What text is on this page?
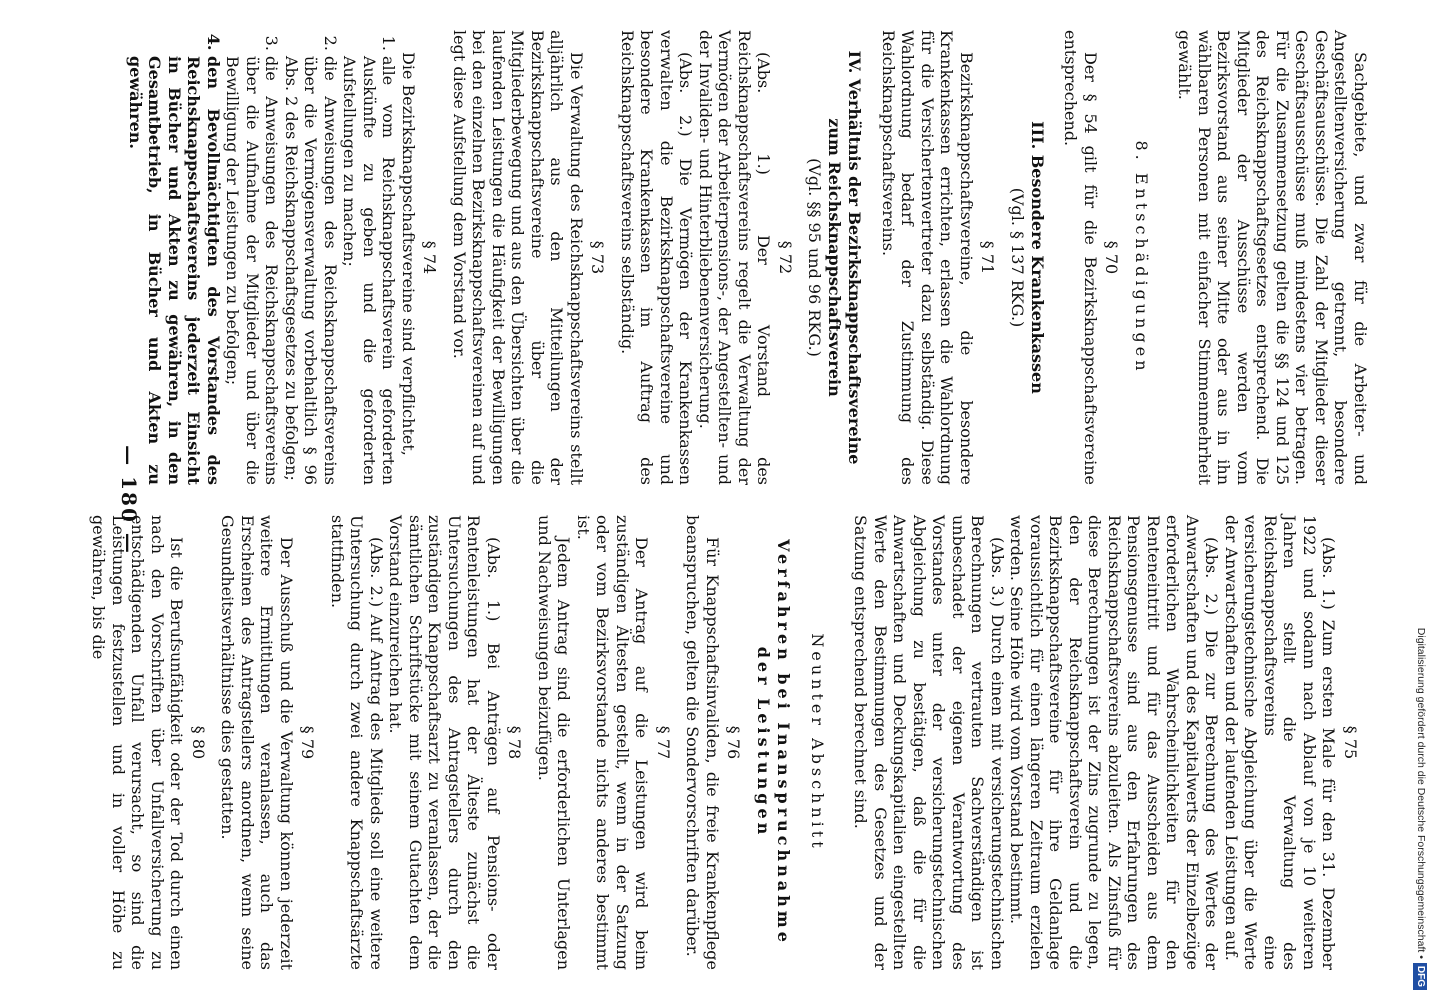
— 180 —

Sachgebiete, und zwar für die Arbeiter- und Angestelltenversicherung getrennt, besondere Geschäftsausschüsse. Die Zahl der Mitglieder dieser Geschäftsausschüsse muß mindestens vier betragen. Für die Zusammensetzung gelten die §§ 124 und 125 des Reichsknappschaftsgesetzes entsprechend. Die Mitglieder der Ausschüsse werden vom Bezirksvorstand aus seiner Mitte oder aus in ihn wählbaren Personen mit einfacher Stimmenmehrheit gewählt.

8. Entschädigungen

§ 70

Der § 54 gilt für die Bezirksknappschaftsvereine entsprechend.

III. Besondere Krankenkassen

(Vgl. § 137 RKG.)

§ 71

Bezirksknappschaftsvereine, die besondere Krankenkassen errichten, erlassen die Wahlordnung für die Versichertenvertreter dazu selbständig. Diese Wahlordnung bedarf der Zustimmung des Reichsknappschaftsvereins.

IV. Verhältnis der Bezirksknappschaftsvereine zum Reichsknappschaftsverein

(Vgl. §§ 95 und 96 RKG.)

§ 72

(Abs. 1.) Der Vorstand des Reichsknappschaftsvereins regelt die Verwaltung der Vermögen der Arbeiterpensions-, der Angestellten- und der Invaliden- und Hinterbliebenenversicherung.

(Abs. 2.) Die Vermögen der Krankenkassen verwalten die Bezirksknappschaftsvereine und besondere Krankenkassen im Auftrag des Reichsknappschaftsvereins selbständig.

§ 73

Die Verwaltung des Reichsknappschaftsvereins stellt alljährlich aus den Mitteilungen der Bezirksknappschaftsvereine über die Mitgliederbewegung und aus den Übersichten über die laufenden Leistungen die Häufigkeit der Bewilligungen bei den einzelnen Bezirksknappschaftsvereinen auf und legt diese Aufstellung dem Vorstand vor.

§ 74

Die Bezirksknappschaftsvereine sind verpflichtet,

1. alle vom Reichsknappschaftsverein geforderten Auskünfte zu geben und die geforderten Aufstellungen zu machen;
2. die Anweisungen des Reichsknappschaftsvereins über die Vermögensverwaltung vorbehaltlich § 96 Abs. 2 des Reichsknappschaftsgesetzes zu befolgen;
3. die Anweisungen des Reichsknappschaftsvereins über die Aufnahme der Mitglieder und über die Bewilligung der Leistungen zu befolgen;
4. den Bevollmächtigten des Vorstandes des Reichsknappschaftsvereins jederzeit Einsicht in Bücher und Akten zu gewähren, in den Gesamtbetrieb, in Bücher und Akten zu gewähren.

§ 75

(Abs. 1.) Zum ersten Male für den 31. Dezember 1922 und sodann nach Ablauf von je 10 weiteren Jahren stellt die Verwaltung des Reichsknappschaftsvereins eine versicherungstechnische Abgleichung über die Werte der Anwartschaften und der laufenden Leistungen auf.

(Abs. 2.) Die zur Berechnung des Wertes der Anwartschaften und des Kapitalwerts der Einzelbezüge erforderlichen Wahrscheinlichkeiten für den Renteneintritt und für das Ausscheiden aus dem Pensionsgenusse sind aus den Erfahrungen des Reichsknappschaftsvereins abzuleiten. Als Zinsfuß für diese Berechnungen ist der Zins zugrunde zu legen, den der Reichsknappschaftsverein und die Bezirksknappschaftsvereine für ihre Geldanlage voraussichtlich für einen längeren Zeitraum erzielen werden. Seine Höhe wird vom Vorstand bestimmt.

(Abs. 3.) Durch einen mit versicherungstechnischen Berechnungen vertrauten Sachverständigen ist unbeschadet der eigenen Verantwortung des Vorstandes unter der versicherungstechnischen Abgleichung zu bestätigen, daß die für die Anwartschaften und Deckungskapitalien eingestellten Werte den Bestimmungen des Gesetzes und der Satzung entsprechend berechnet sind.

Neunter Abschnitt

Verfahren bei Inanspruchnahme der Leistungen

§ 76

Für Knappschaftsinvaliden, die freie Krankenpflege beanspruchen, gelten die Sondervorschriften darüber.

§ 77

Der Antrag auf die Leistungen wird beim zuständigen Ältesten gestellt, wenn in der Satzung oder vom Bezirksvorstande nichts anderes bestimmt ist.

Jedem Antrag sind die erforderlichen Unterlagen und Nachweisungen beizufügen.

§ 78

(Abs. 1.) Bei Anträgen auf Pensions- oder Rentenleistungen hat der Älteste zunächst die Untersuchungen des Antragstellers durch den zuständigen Knappschaftsarzt zu veranlassen, der die sämtlichen Schriftstücke mit seinem Gutachten dem Vorstand einzureichen hat.

(Abs. 2.) Auf Antrag des Mitglieds soll eine weitere Untersuchung durch zwei andere Knappschaftsärzte stattfinden.

§ 79

Der Ausschuß und die Verwaltung können jederzeit weitere Ermittlungen veranlassen, auch das Erscheinen des Antragstellers anordnen, wenn seine Gesundheitsverhältnisse dies gestatten.

§ 80

Ist die Berufsunfähigkeit oder der Tod durch einen nach den Vorschriften über Unfallversicherung zu entschädigenden Unfall verursacht, so sind die Leistungen festzustellen und in voller Höhe zu gewähren, bis die

Digitalisierung gefördert durch die Deutsche Forschungsgemeinschaft •DFG
